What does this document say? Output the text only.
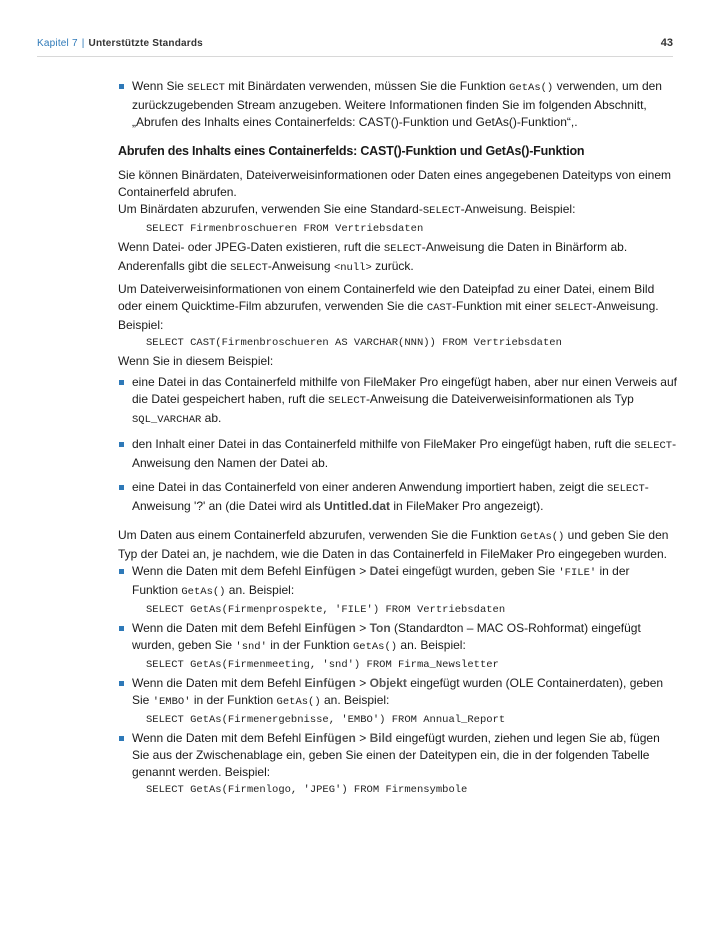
Kapitel 7 | Unterstützte Standards	43
Wenn Sie SELECT mit Binärdaten verwenden, müssen Sie die Funktion GetAs() verwenden, um den zurückzugebenden Stream anzugeben. Weitere Informationen finden Sie im folgenden Abschnitt, „Abrufen des Inhalts eines Containerfelds: CAST()-Funktion und GetAs()-Funktion“,.
Abrufen des Inhalts eines Containerfelds: CAST()-Funktion und GetAs()-Funktion

Sie können Binärdaten, Dateiverweisinformationen oder Daten eines angegebenen Dateityps von einem Containerfeld abrufen.

Um Binärdaten abzurufen, verwenden Sie eine Standard-SELECT-Anweisung. Beispiel:

SELECT Firmenbroschueren FROM Vertriebsdaten

Wenn Datei- oder JPEG-Daten existieren, ruft die SELECT-Anweisung die Daten in Binärform ab. Anderenfalls gibt die SELECT-Anweisung <null> zurück.

Um Dateiverweisinformationen von einem Containerfeld wie den Dateipfad zu einer Datei, einem Bild oder einem Quicktime-Film abzurufen, verwenden Sie die CAST-Funktion mit einer SELECT-Anweisung. Beispiel:

SELECT CAST(Firmenbroschueren AS VARCHAR(NNN)) FROM Vertriebsdaten

Wenn Sie in diesem Beispiel:

eine Datei in das Containerfeld mithilfe von FileMaker Pro eingefügt haben, aber nur einen Verweis auf die Datei gespeichert haben, ruft die SELECT-Anweisung die Dateiverweisinformationen als Typ SQL_VARCHAR ab.
den Inhalt einer Datei in das Containerfeld mithilfe von FileMaker Pro eingefügt haben, ruft die SELECT-Anweisung den Namen der Datei ab.
eine Datei in das Containerfeld von einer anderen Anwendung importiert haben, zeigt die SELECT-Anweisung '?' an (die Datei wird als Untitled.dat in FileMaker Pro angezeigt).

Um Daten aus einem Containerfeld abzurufen, verwenden Sie die Funktion GetAs() und geben Sie den Typ der Datei an, je nachdem, wie die Daten in das Containerfeld in FileMaker Pro eingegeben wurden.

Wenn die Daten mit dem Befehl Einfügen > Datei eingefügt wurden, geben Sie 'FILE' in der Funktion GetAs() an. Beispiel:
SELECT GetAs(Firmenprospekte, 'FILE') FROM Vertriebsdaten
Wenn die Daten mit dem Befehl Einfügen > Ton (Standardton – MAC OS-Rohformat) eingefügt wurden, geben Sie 'snd' in der Funktion GetAs() an. Beispiel:
SELECT GetAs(Firmenmeeting, 'snd') FROM Firma_Newsletter
Wenn die Daten mit dem Befehl Einfügen > Objekt eingefügt wurden (OLE Containerdaten), geben Sie 'EMBO' in der Funktion GetAs() an. Beispiel:
SELECT GetAs(Firmenergebnisse, 'EMBO') FROM Annual_Report
Wenn die Daten mit dem Befehl Einfügen > Bild eingefügt wurden, ziehen und legen Sie ab, fügen Sie aus der Zwischenablage ein, geben Sie einen der Dateitypen ein, die in der folgenden Tabelle genannt werden. Beispiel:
SELECT GetAs(Firmenlogo, 'JPEG') FROM Firmensymbole
